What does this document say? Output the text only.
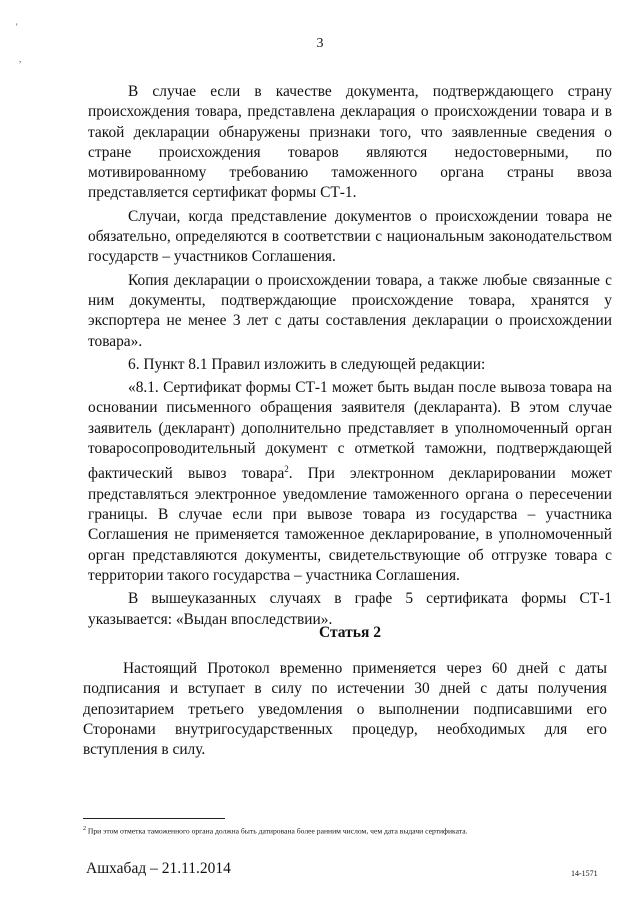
'
,
3

В случае если в качестве документа, подтверждающего страну происхождения товара, представлена декларация о происхождении товара и в такой декларации обнаружены признаки того, что заявленные сведения о стране происхождения товаров являются недостоверными, по мотивированному требованию таможенного органа страны ввоза представляется сертификат формы СТ-1.

Случаи, когда представление документов о происхождении товара не обязательно, определяются в соответствии с национальным законодательством государств – участников Соглашения.

Копия декларации о происхождении товара, а также любые связанные с ним документы, подтверждающие происхождение товара, хранятся у экспортера не менее 3 лет с даты составления декларации о происхождении товара».

6. Пункт 8.1 Правил изложить в следующей редакции:

«8.1. Сертификат формы СТ-1 может быть выдан после вывоза товара на основании письменного обращения заявителя (декларанта). В этом случае заявитель (декларант) дополнительно представляет в уполномоченный орган товаросопроводительный документ с отметкой таможни, подтверждающей фактический вывоз товара$^2$. При электронном декларировании может представляться электронное уведомление таможенного органа о пересечении границы. В случае если при вывозе товара из государства – участника Соглашения не применяется таможенное декларирование, в уполномоченный орган представляются документы, свидетельствующие об отгрузке товара с территории такого государства – участника Соглашения.

В вышеуказанных случаях в графе 5 сертификата формы СТ-1 указывается: «Выдан впоследствии».

Статья 2

Настоящий Протокол временно применяется через 60 дней с даты подписания и вступает в силу по истечении 30 дней с даты получения депозитарием третьего уведомления о выполнении подписавшими его Сторонами внутригосударственных процедур, необходимых для его вступления в силу.

$^2$ При этом отметка таможенного органа должна быть датирована более ранним числом, чем дата выдачи сертификата.
Ашхабад – 21.11.2014	14-1571
